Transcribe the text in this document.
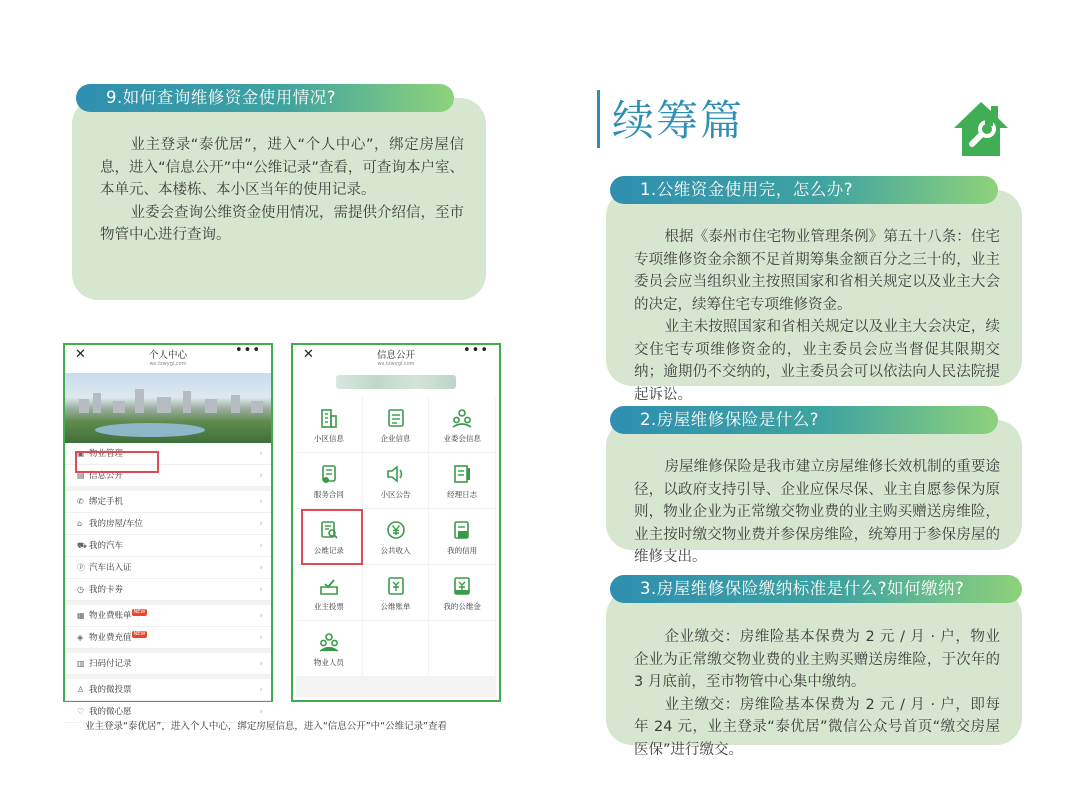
业主登录“泰优居”，进入“个人中心”，绑定房屋信息，进入“信息公开”中“公维记录”查看，可查询本户室、本单元、本楼栋、本小区当年的使用记录。

业委会查询公维资金使用情况，需提供介绍信，至市物管中心进行查询。

9.如何查询维修资金使用情况?
✕	个人中心	•••
wx.tzwygl.com
▣ 物业管理	›
▤ 信息公开	›
✆ 绑定手机	›
⌂ 我的房屋/车位	›
⛟ 我的汽车	›
Ⓟ 汽车出入证	›
◷ 我的卡劵	›
▦ 物业费账单 NEW	›
◈ 物业费充值 NEW	›
▥ 扫码付记录	›
♙ 我的微投票	›
♡ 我的微心愿	›
✕	信息公开	•••
wx.tzwygl.com
小区信息	企业信息	业委会信息
服务合同	小区公告	经理日志
公维记录	公共收入	我的信用
业主投票	公维账单	我的公维金
物业人员
业主登录“泰优居”，进入个人中心，绑定房屋信息，进入“信息公开”中“公维记录”查看
续筹篇

根据《泰州市住宅物业管理条例》第五十八条：住宅专项维修资金余额不足首期筹集金额百分之三十的，业主委员会应当组织业主按照国家和省相关规定以及业主大会的决定，续筹住宅专项维修资金。

业主未按照国家和省相关规定以及业主大会决定，续交住宅专项维修资金的，业主委员会应当督促其限期交纳；逾期仍不交纳的，业主委员会可以依法向人民法院提起诉讼。

1.公维资金使用完，怎么办?

房屋维修保险是我市建立房屋维修长效机制的重要途径，以政府支持引导、企业应保尽保、业主自愿参保为原则，物业企业为正常缴交物业费的业主购买赠送房维险，业主按时缴交物业费并参保房维险，统筹用于参保房屋的维修支出。

2.房屋维修保险是什么?

企业缴交：房维险基本保费为 2 元 / 月 · 户，物业企业为正常缴交物业费的业主购买赠送房维险，于次年的 3 月底前，至市物管中心集中缴纳。

业主缴交：房维险基本保费为 2 元 / 月 · 户，即每年 24 元，业主登录“泰优居”微信公众号首页“缴交房屋医保”进行缴交。

3.房屋维修保险缴纳标准是什么?如何缴纳?
